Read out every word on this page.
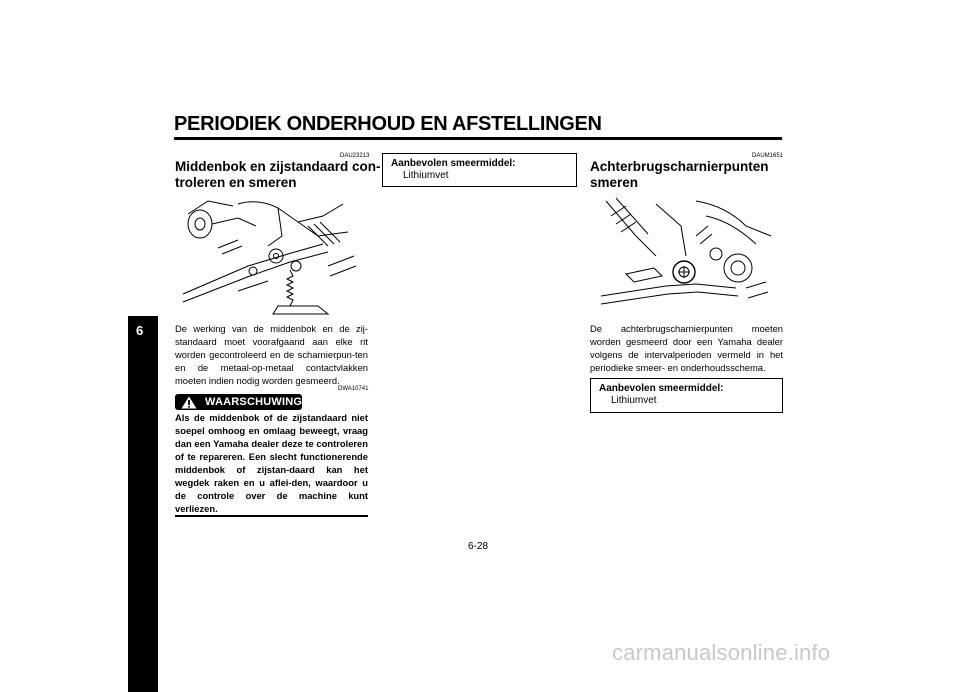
PERIODIEK ONDERHOUD EN AFSTELLINGEN
6
DAU23213
Middenbok en zijstandaard con-
troleren en smeren
De werking van de middenbok en de zij-standaard moet voorafgaand aan elke rit worden gecontroleerd en de scharnierpun-ten en de metaal-op-metaal contactvlakken moeten indien nodig worden gesmeerd.
DWA10741
WAARSCHUWING
Als de middenbok of de zijstandaard niet soepel omhoog en omlaag beweegt, vraag dan een Yamaha dealer deze te controleren of te repareren. Een slecht functionerende middenbok of zijstan-daard kan het wegdek raken en u aflei-den, waardoor u de controle over de machine kunt verliezen.
Aanbevolen smeermiddel:
Lithiumvet
DAUM1651
Achterbrugscharnierpunten
smeren
De achterbrugscharnierpunten moeten worden gesmeerd door een Yamaha dealer volgens de intervalperioden vermeld in het periodieke smeer- en onderhoudsschema.
Aanbevolen smeermiddel:
Lithiumvet
6-28
carmanualsonline.info
